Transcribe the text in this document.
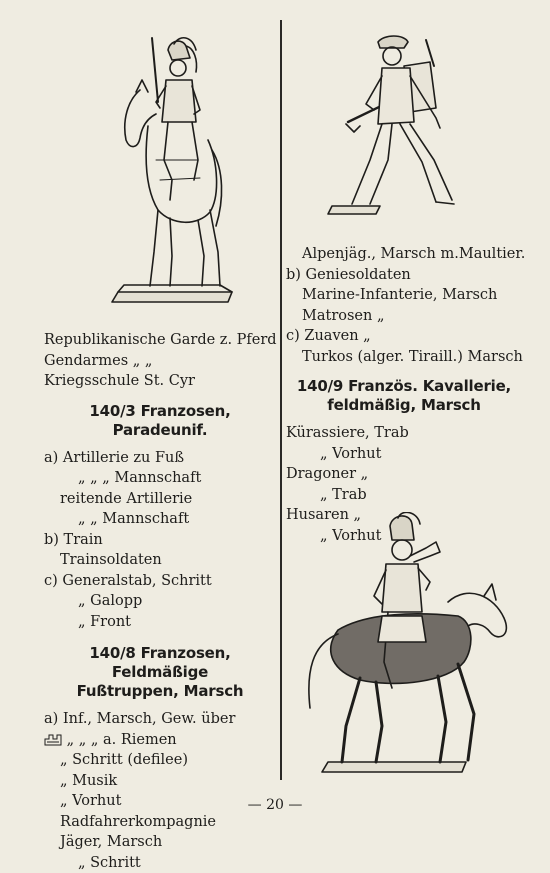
Republikanische Garde z. Pferd
Gendarmes „ „
Kriegsschule St. Cyr
140/3 Franzosen, Paradeunif.
a) Artillerie zu Fuß
„ „ „ Mannschaft
reitende Artillerie
„ „ Mannschaft
b) Train
Trainsoldaten
c) Generalstab, Schritt
„ Galopp
„ Front
140/8 Franzosen, Feldmäßige
Fußtruppen, Marsch
a) Inf., Marsch, Gew. über
„ „ „ a. Riemen
„ Schritt (defilee)
„ Musik
„ Vorhut
Radfahrerkompagnie
Jäger, Marsch
„ Schritt
Alpenjäg., Marsch m.Maultier.
b) Geniesoldaten
Marine-Infanterie, Marsch
Matrosen „
c) Zuaven „
Turkos (alger. Tiraill.) Marsch
140/9 Französ. Kavallerie,
feldmäßig, Marsch
Kürassiere, Trab
„ Vorhut
Dragoner „
„ Trab
Husaren „
„ Vorhut
— 20 —
